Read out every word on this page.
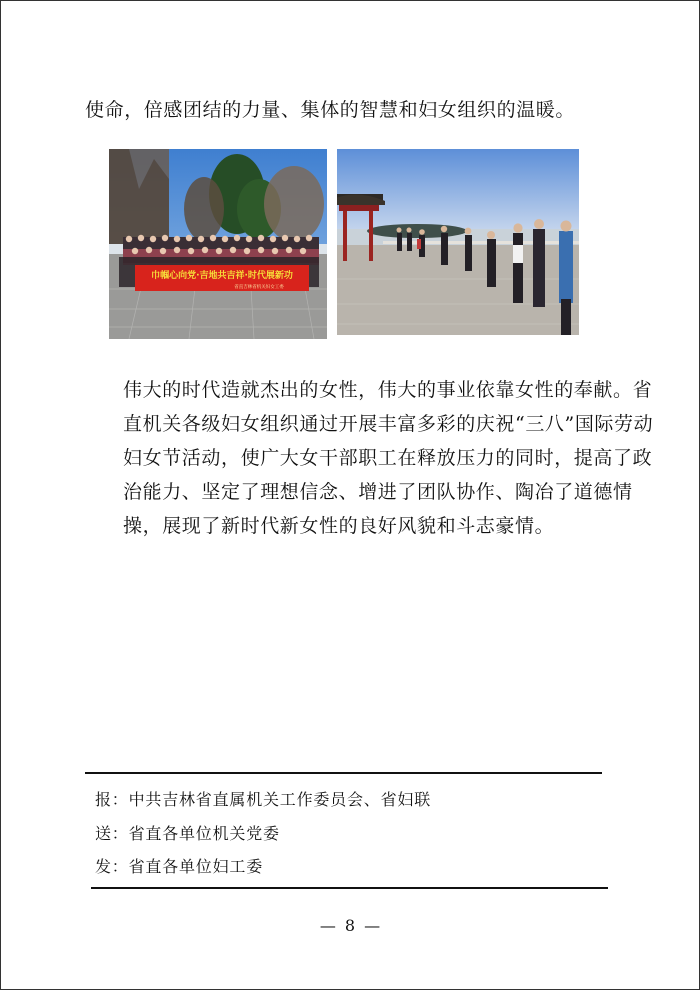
使命，倍感团结的力量、集体的智慧和妇女组织的温暖。

巾帼心向党·吉地共吉祥·时代展新功
省直吉林省机关妇女工委

伟大的时代造就杰出的女性，伟大的事业依靠女性的奉献。省直机关各级妇女组织通过开展丰富多彩的庆祝“三八”国际劳动妇女节活动，使广大女干部职工在释放压力的同时，提高了政治能力、坚定了理想信念、增进了团队协作、陶冶了道德情操，展现了新时代新女性的良好风貌和斗志豪情。

报：中共吉林省直属机关工作委员会、省妇联
送：省直各单位机关党委
发：省直各单位妇工委
— 8 —
